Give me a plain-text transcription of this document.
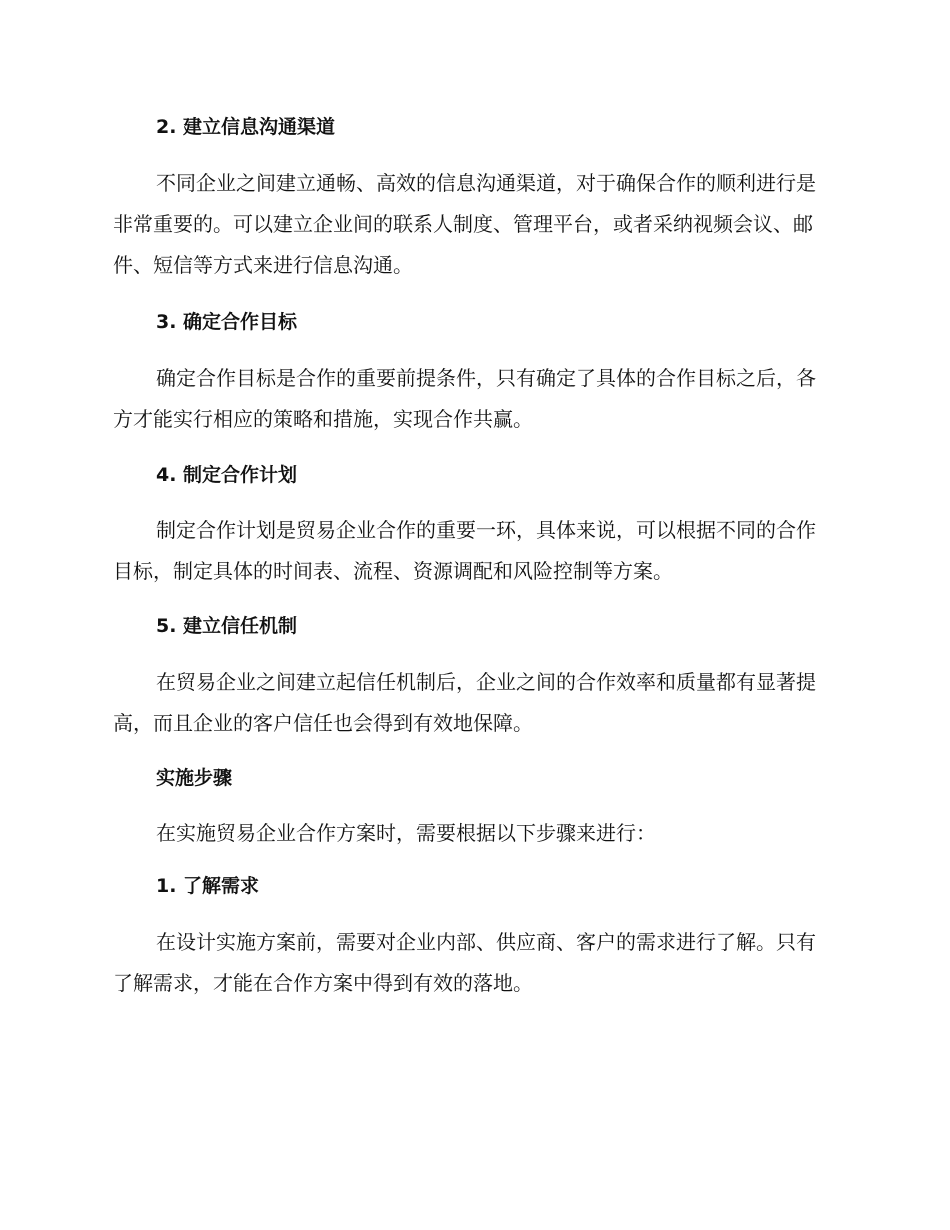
2. 建立信息沟通渠道

不同企业之间建立通畅、高效的信息沟通渠道，对于确保合作的顺利进行是非常重要的。可以建立企业间的联系人制度、管理平台，或者采纳视频会议、邮件、短信等方式来进行信息沟通。

3. 确定合作目标

确定合作目标是合作的重要前提条件，只有确定了具体的合作目标之后，各方才能实行相应的策略和措施，实现合作共赢。

4. 制定合作计划

制定合作计划是贸易企业合作的重要一环，具体来说，可以根据不同的合作目标，制定具体的时间表、流程、资源调配和风险控制等方案。

5. 建立信任机制

在贸易企业之间建立起信任机制后，企业之间的合作效率和质量都有显著提高，而且企业的客户信任也会得到有效地保障。

实施步骤

在实施贸易企业合作方案时，需要根据以下步骤来进行：

1. 了解需求

在设计实施方案前，需要对企业内部、供应商、客户的需求进行了解。只有了解需求，才能在合作方案中得到有效的落地。
